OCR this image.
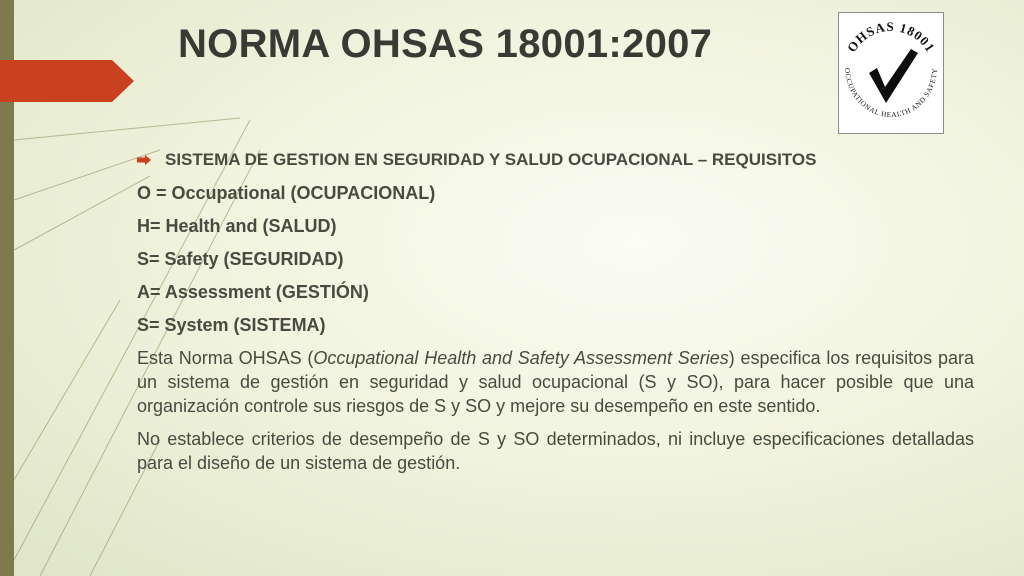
NORMA OHSAS 18001:2007	OHSAS 18001
OCCUPATIONAL HEALTH AND SAFETY
SISTEMA DE GESTION EN SEGURIDAD Y SALUD OCUPACIONAL – REQUISITOS

O = Occupational (OCUPACIONAL)

H= Health and (SALUD)

S= Safety (SEGURIDAD)

A= Assessment (GESTIÓN)

S= System (SISTEMA)

Esta Norma OHSAS (Occupational Health and Safety Assessment Series) especifica los requisitos para un sistema de gestión en seguridad y salud ocupacional (S y SO), para hacer posible que una organización controle sus riesgos de S y SO y mejore su desempeño en este sentido.

No establece criterios de desempeño de S y SO determinados, ni incluye especificaciones detalladas para el diseño de un sistema de gestión.
